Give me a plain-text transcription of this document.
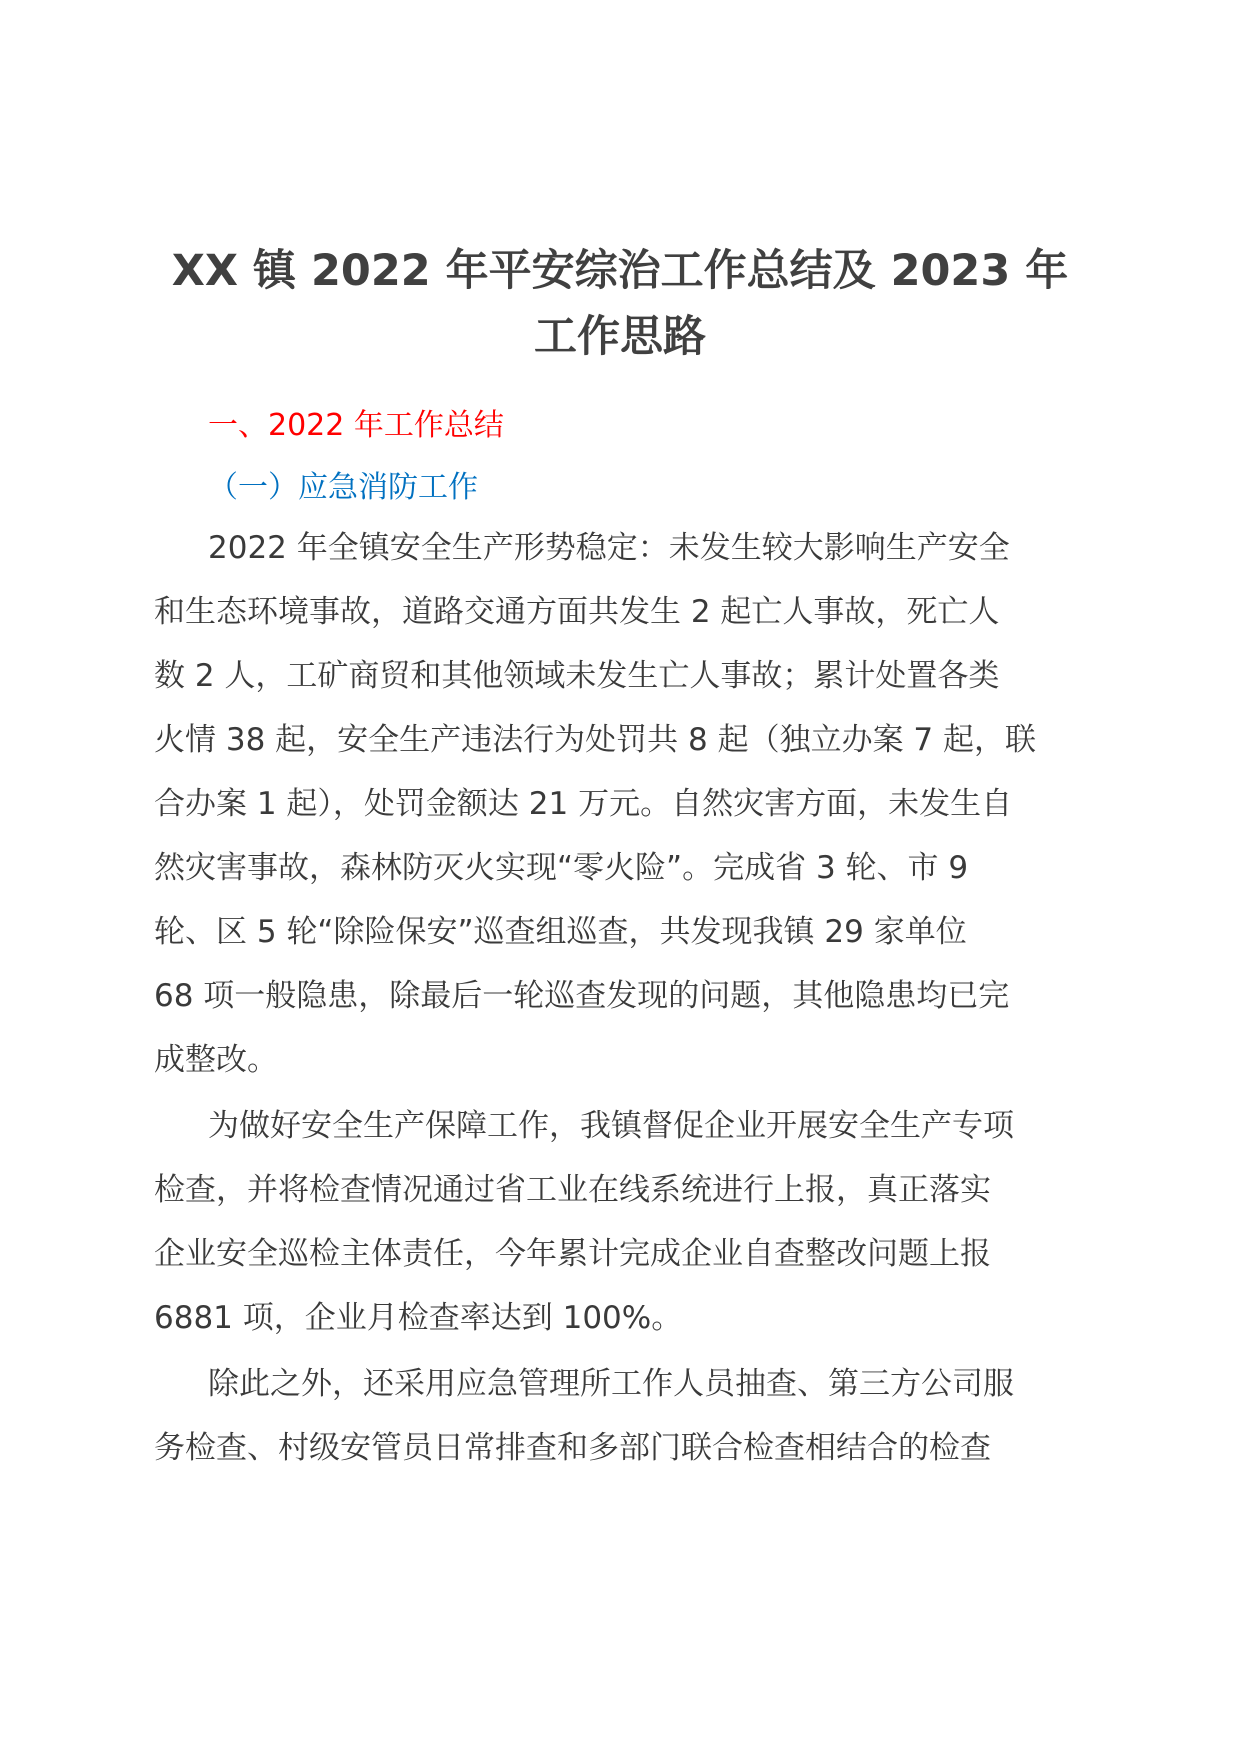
XX 镇 2022 年平安综治工作总结及 2023 年
工作思路
一、2022 年工作总结
（一）应急消防工作
2022 年全镇安全生产形势稳定：未发生较大影响生产安全
和生态环境事故，道路交通方面共发生 2 起亡人事故，死亡人
数 2 人，工矿商贸和其他领域未发生亡人事故；累计处置各类
火情 38 起，安全生产违法行为处罚共 8 起（独立办案 7 起，联
合办案 1 起），处罚金额达 21 万元。自然灾害方面，未发生自
然灾害事故，森林防灭火实现“零火险”。完成省 3 轮、市 9
轮、区 5 轮“除险保安”巡查组巡查，共发现我镇 29 家单位
68 项一般隐患，除最后一轮巡查发现的问题，其他隐患均已完
成整改。
为做好安全生产保障工作，我镇督促企业开展安全生产专项
检查，并将检查情况通过省工业在线系统进行上报，真正落实
企业安全巡检主体责任，今年累计完成企业自查整改问题上报
6881 项，企业月检查率达到 100%。
除此之外，还采用应急管理所工作人员抽查、第三方公司服
务检查、村级安管员日常排查和多部门联合检查相结合的检查
